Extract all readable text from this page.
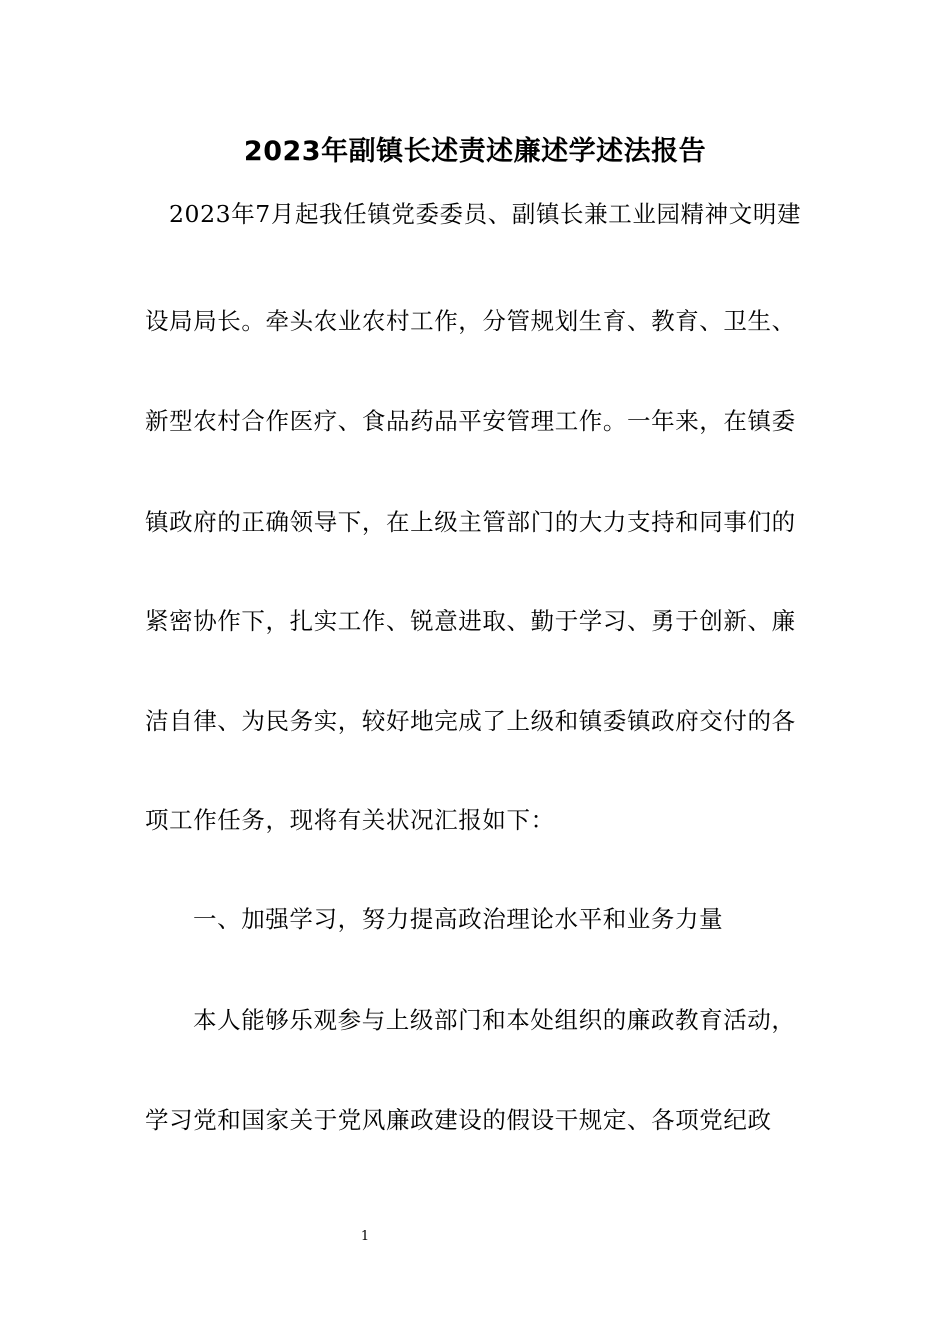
2023年副镇长述责述廉述学述法报告
2023年7月起我任镇党委委员、副镇长兼工业园精神文明建
设局局长。牵头农业农村工作，分管规划生育、教育、卫生、
新型农村合作医疗、食品药品平安管理工作。一年来，在镇委
镇政府的正确领导下，在上级主管部门的大力支持和同事们的
紧密协作下，扎实工作、锐意进取、勤于学习、勇于创新、廉
洁自律、为民务实，较好地完成了上级和镇委镇政府交付的各
项工作任务，现将有关状况汇报如下：
一、加强学习，努力提高政治理论水平和业务力量
本人能够乐观参与上级部门和本处组织的廉政教育活动，
学习党和国家关于党风廉政建设的假设干规定、各项党纪政
1
